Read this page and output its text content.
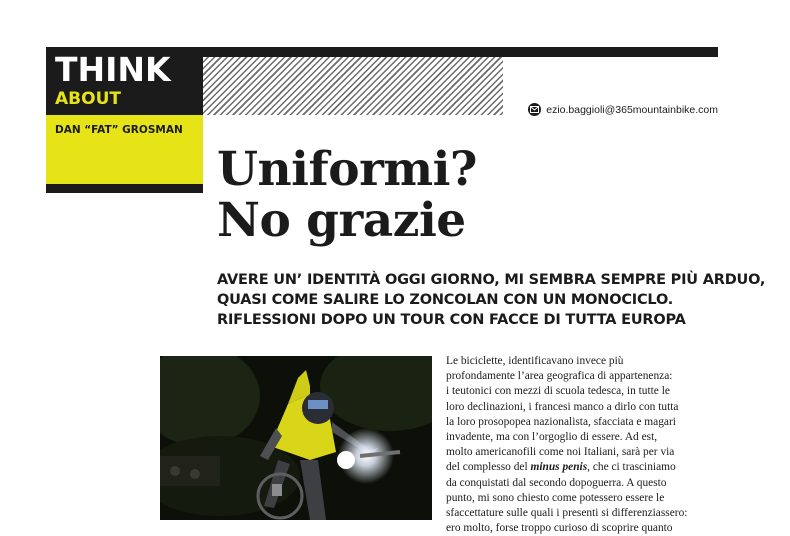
THINK
ABOUT
DAN “FAT” GROSMAN
ezio.baggioli@365mountainbike.com
Uniformi?
No grazie
AVERE UN’ IDENTITÀ OGGI GIORNO, MI SEMBRA SEMPRE PIÙ ARDUO,
QUASI COME SALIRE LO ZONCOLAN CON UN MONOCICLO.
RIFLESSIONI DOPO UN TOUR CON FACCE DI TUTTA EUROPA
Le biciclette, identificavano invece più
profondamente l’area geografica di appartenenza:
i teutonici con mezzi di scuola tedesca, in tutte le
loro declinazioni, i francesi manco a dirlo con tutta
la loro prosopopea nazionalista, sfacciata e magari
invadente, ma con l’orgoglio di essere. Ad est,
molto americanofili come noi Italiani, sarà per via
del complesso del minus penis, che ci trasciniamo
da conquistati dal secondo dopoguerra. A questo
punto, mi sono chiesto come potessero essere le
sfaccettature sulle quali i presenti si differenziassero:
ero molto, forse troppo curioso di scoprire quanto
